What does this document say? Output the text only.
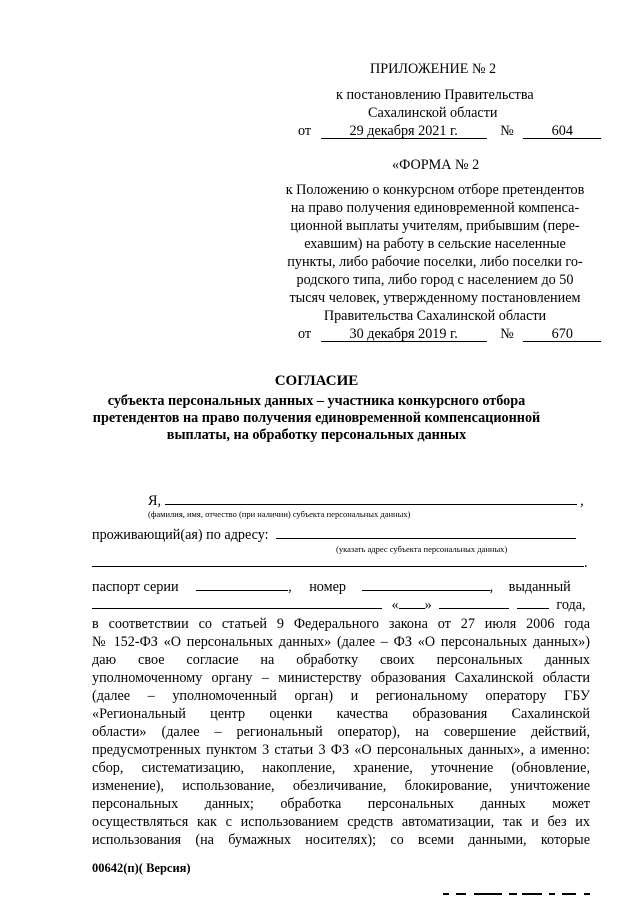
ПРИЛОЖЕНИЕ № 2
к постановлению Правительства
Сахалинской области
от	29 декабря 2021 г.	№	604
«ФОРМА № 2
к Положению о конкурсном отборе претендентов
на право получения единовременной компенса-
ционной выплаты учителям, прибывшим (пере-
ехавшим) на работу в сельские населенные
пункты, либо рабочие поселки, либо поселки го-
родского типа, либо город с населением до 50
тысяч человек, утвержденному постановлением
Правительства Сахалинской области
от	30 декабря 2019 г.	№	670
СОГЛАСИЕ
субъекта персональных данных – участника конкурсного отбора
претендентов на право получения единовременной компенсационной
выплаты, на обработку персональных данных
Я,	,
(фамилия, имя, отчество (при наличии) субъекта персональных данных)
проживающий(ая) по адресу:
(указать адрес субъекта персональных данных)
.
паспорт серии	, номер	, выданный
« »	года,
в соответствии со статьей 9 Федерального закона от 27 июля 2006 года
№ 152-ФЗ «О персональных данных» (далее – ФЗ «О персональных данных»)
даю свое согласие на обработку своих персональных данных
уполномоченному органу – министерству образования Сахалинской области
(далее – уполномоченный орган) и региональному оператору ГБУ
«Региональный центр оценки качества образования Сахалинской
области» (далее – региональный оператор), на совершение действий,
предусмотренных пунктом 3 статьи 3 ФЗ «О персональных данных», а именно:
сбор, систематизацию, накопление, хранение, уточнение (обновление,
изменение), использование, обезличивание, блокирование, уничтожение
персональных данных; обработка персональных данных может
осуществляться как с использованием средств автоматизации, так и без их
использования (на бумажных носителях); со всеми данными, которые
00642(п)( Версия)
